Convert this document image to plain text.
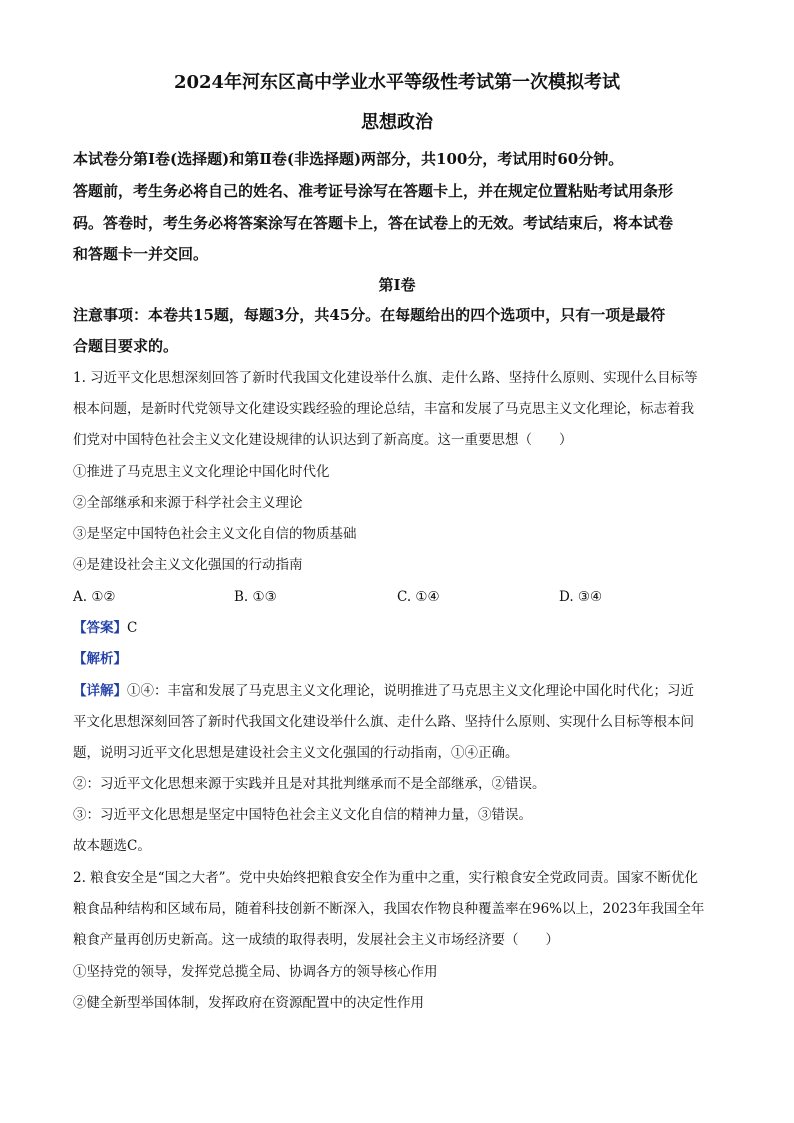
2024年河东区高中学业水平等级性考试第一次模拟考试
思想政治

本试卷分第Ⅰ卷(选择题)和第Ⅱ卷(非选择题)两部分，共100分，考试用时60分钟。

答题前，考生务必将自己的姓名、准考证号涂写在答题卡上，并在规定位置粘贴考试用条形

码。答卷时，考生务必将答案涂写在答题卡上，答在试卷上的无效。考试结束后，将本试卷

和答题卡一并交回。

第Ⅰ卷

注意事项：本卷共15题，每题3分，共45分。在每题给出的四个选项中，只有一项是最符

合题目要求的。

1. 习近平文化思想深刻回答了新时代我国文化建设举什么旗、走什么路、坚持什么原则、实现什么目标等

根本问题，是新时代党领导文化建设实践经验的理论总结，丰富和发展了马克思主义文化理论，标志着我

们党对中国特色社会主义文化建设规律的认识达到了新高度。这一重要思想（　　）

①推进了马克思主义文化理论中国化时代化

②全部继承和来源于科学社会主义理论

③是坚定中国特色社会主义文化自信的物质基础

④是建设社会主义文化强国的行动指南

A. ①②	B. ①③	C. ①④	D. ③④

【答案】C

【解析】

【详解】①④：丰富和发展了马克思主义文化理论，说明推进了马克思主义文化理论中国化时代化；习近

平文化思想深刻回答了新时代我国文化建设举什么旗、走什么路、坚持什么原则、实现什么目标等根本问

题，说明习近平文化思想是建设社会主义文化强国的行动指南，①④正确。

②：习近平文化思想来源于实践并且是对其批判继承而不是全部继承，②错误。

③：习近平文化思想是坚定中国特色社会主义文化自信的精神力量，③错误。

故本题选C。

2. 粮食安全是“国之大者”。党中央始终把粮食安全作为重中之重，实行粮食安全党政同责。国家不断优化

粮食品种结构和区域布局，随着科技创新不断深入，我国农作物良种覆盖率在96%以上，2023年我国全年

粮食产量再创历史新高。这一成绩的取得表明，发展社会主义市场经济要（　　）

①坚持党的领导，发挥党总揽全局、协调各方的领导核心作用

②健全新型举国体制，发挥政府在资源配置中的决定性作用
